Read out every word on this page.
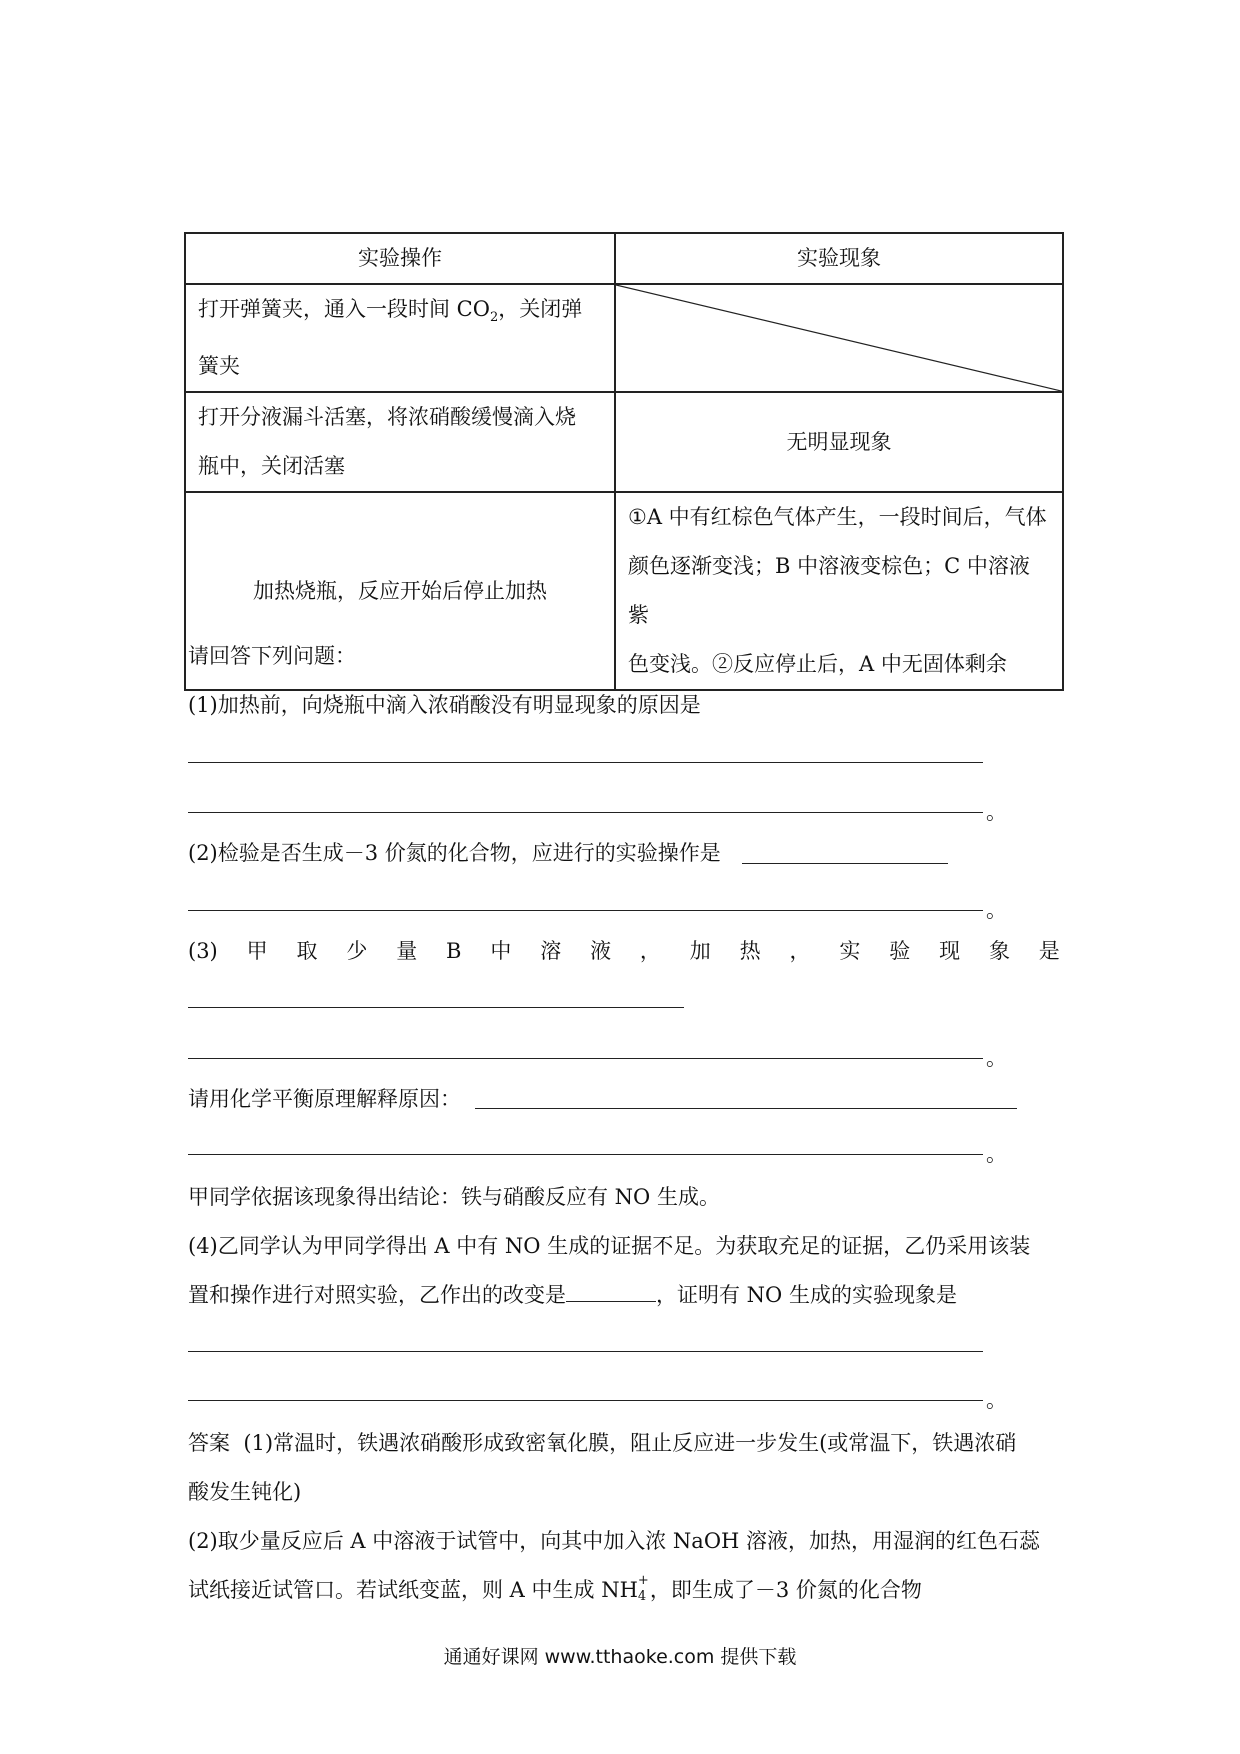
实验操作	实验现象
打开弹簧夹，通入一段时间 $CO_2$，关闭弹
簧夹	

打开分液漏斗活塞，将浓硝酸缓慢滴入烧
瓶中，关闭活塞	无明显现象
加热烧瓶，反应开始后停止加热	①A 中有红棕色气体产生，一段时间后，气体
颜色逐渐变浅；B 中溶液变棕色；C 中溶液紫
色变浅。②反应停止后，A 中无固体剩余
请回答下列问题：
(1)加热前，向烧瓶中滴入浓硝酸没有明显现象的原因是
。
(2)检验是否生成－3 价氮的化合物，应进行的实验操作是
。
(3) 甲 取 少 量 B 中 溶 液 ， 加 热 ， 实 验 现 象 是
。
请用化学平衡原理解释原因：
。
甲同学依据该现象得出结论：铁与硝酸反应有 NO 生成。
(4)乙同学认为甲同学得出 A 中有 NO 生成的证据不足。为获取充足的证据，乙仍采用该装
置和操作进行对照实验，乙作出的改变是	，证明有 NO 生成的实验现象是
。
答案 (1)常温时，铁遇浓硝酸形成致密氧化膜，阻止反应进一步发生(或常温下，铁遇浓硝
酸发生钝化)
(2)取少量反应后 A 中溶液于试管中，向其中加入浓 NaOH 溶液，加热，用湿润的红色石蕊
试纸接近试管口。若试纸变蓝，则 A 中生成 NH +
4 ，即生成了－3 价氮的化合物
通通好课网 www.tthaoke.com 提供下载
